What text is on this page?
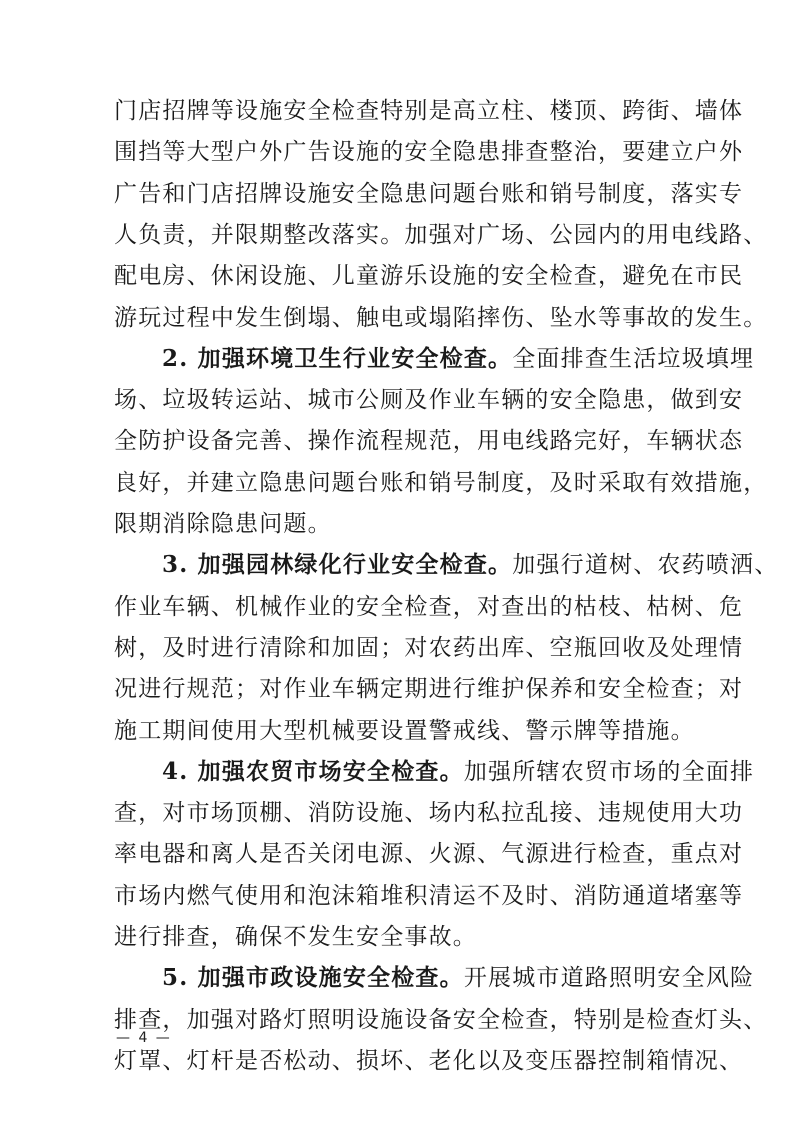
门店招牌等设施安全检查特别是高立柱、楼顶、跨街、墙体
围挡等大型户外广告设施的安全隐患排查整治，要建立户外
广告和门店招牌设施安全隐患问题台账和销号制度，落实专
人负责，并限期整改落实。加强对广场、公园内的用电线路、
配电房、休闲设施、儿童游乐设施的安全检查，避免在市民
游玩过程中发生倒塌、触电或塌陷摔伤、坠水等事故的发生。
2. 加强环境卫生行业安全检查。全面排查生活垃圾填埋
场、垃圾转运站、城市公厕及作业车辆的安全隐患，做到安
全防护设备完善、操作流程规范，用电线路完好，车辆状态
良好，并建立隐患问题台账和销号制度，及时采取有效措施，
限期消除隐患问题。
3. 加强园林绿化行业安全检查。加强行道树、农药喷洒、
作业车辆、机械作业的安全检查，对查出的枯枝、枯树、危
树，及时进行清除和加固；对农药出库、空瓶回收及处理情
况进行规范；对作业车辆定期进行维护保养和安全检查；对
施工期间使用大型机械要设置警戒线、警示牌等措施。
4. 加强农贸市场安全检查。加强所辖农贸市场的全面排
查，对市场顶棚、消防设施、场内私拉乱接、违规使用大功
率电器和离人是否关闭电源、火源、气源进行检查，重点对
市场内燃气使用和泡沫箱堆积清运不及时、消防通道堵塞等
进行排查，确保不发生安全事故。
5. 加强市政设施安全检查。开展城市道路照明安全风险
排查，加强对路灯照明设施设备安全检查，特别是检查灯头、
灯罩、灯杆是否松动、损坏、老化以及变压器控制箱情况、
— 4 —
